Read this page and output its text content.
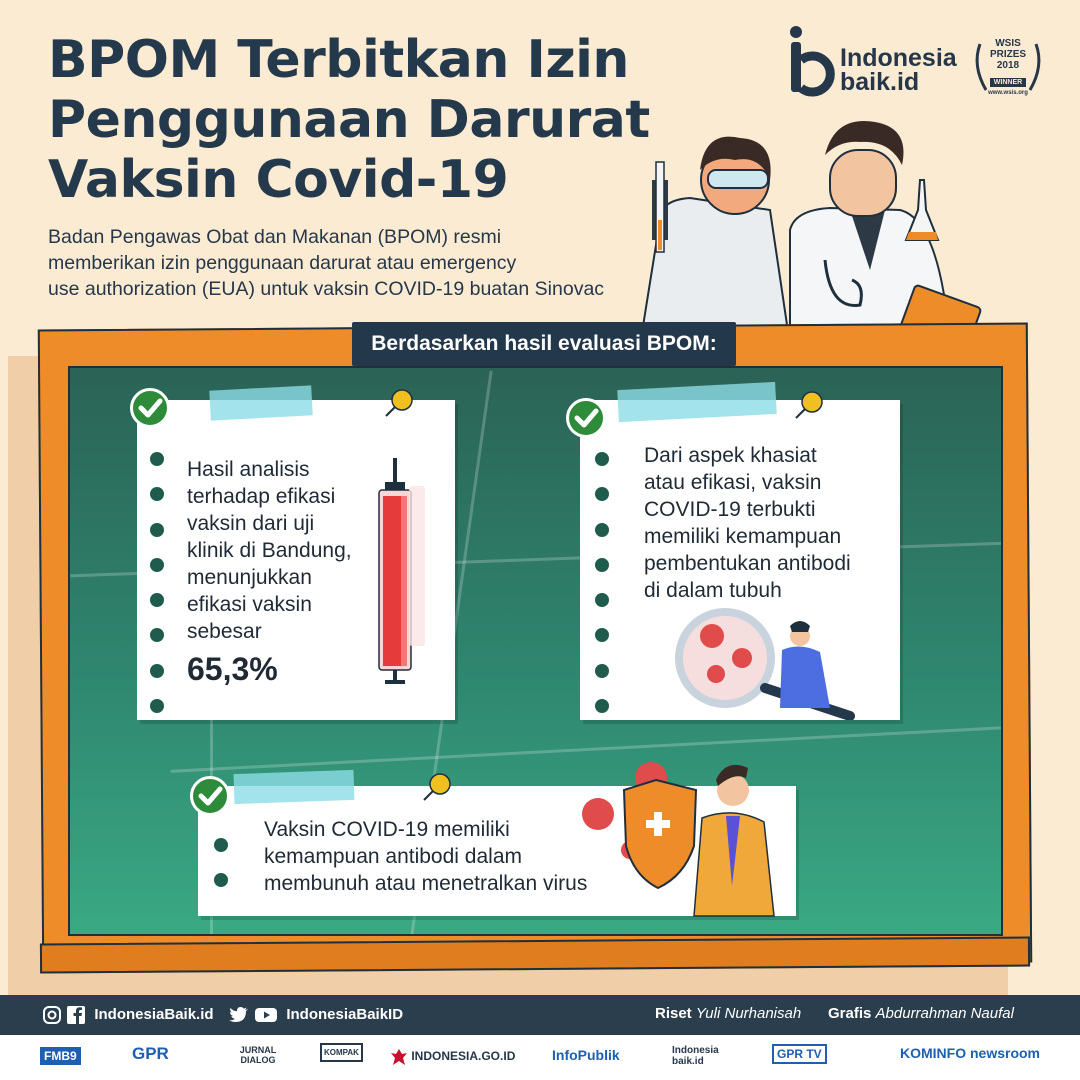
BPOM Terbitkan Izin
Penggunaan Darurat
Vaksin Covid-19
Badan Pengawas Obat dan Makanan (BPOM) resmi
memberikan izin penggunaan darurat atau emergency
use authorization (EUA) untuk vaksin COVID-19 buatan Sinovac
Indonesia
baik.id
WSIS
PRIZES
2018
WINNER
www.wsis.org
Berdasarkan hasil evaluasi BPOM:
Hasil analisis
terhadap efikasi
vaksin dari uji
klinik di Bandung,
menunjukkan
efikasi vaksin
sebesar
65,3%
Dari aspek khasiat
atau efikasi, vaksin
COVID-19 terbukti
memiliki kemampuan
pembentukan antibodi
di dalam tubuh
Vaksin COVID-19 memiliki
kemampuan antibodi dalam
membunuh atau menetralkan virus
IndonesiaBaik.id	IndonesiaBaikID	Riset Yuli Nurhanisah Grafis Abdurrahman Naufal
FMB9	GPR	JURNAL DIALOG
KOMPAK	INDONESIA.GO.ID	InfoPublik	Indonesia baik.id
GPR TV	KOMINFO newsroom
